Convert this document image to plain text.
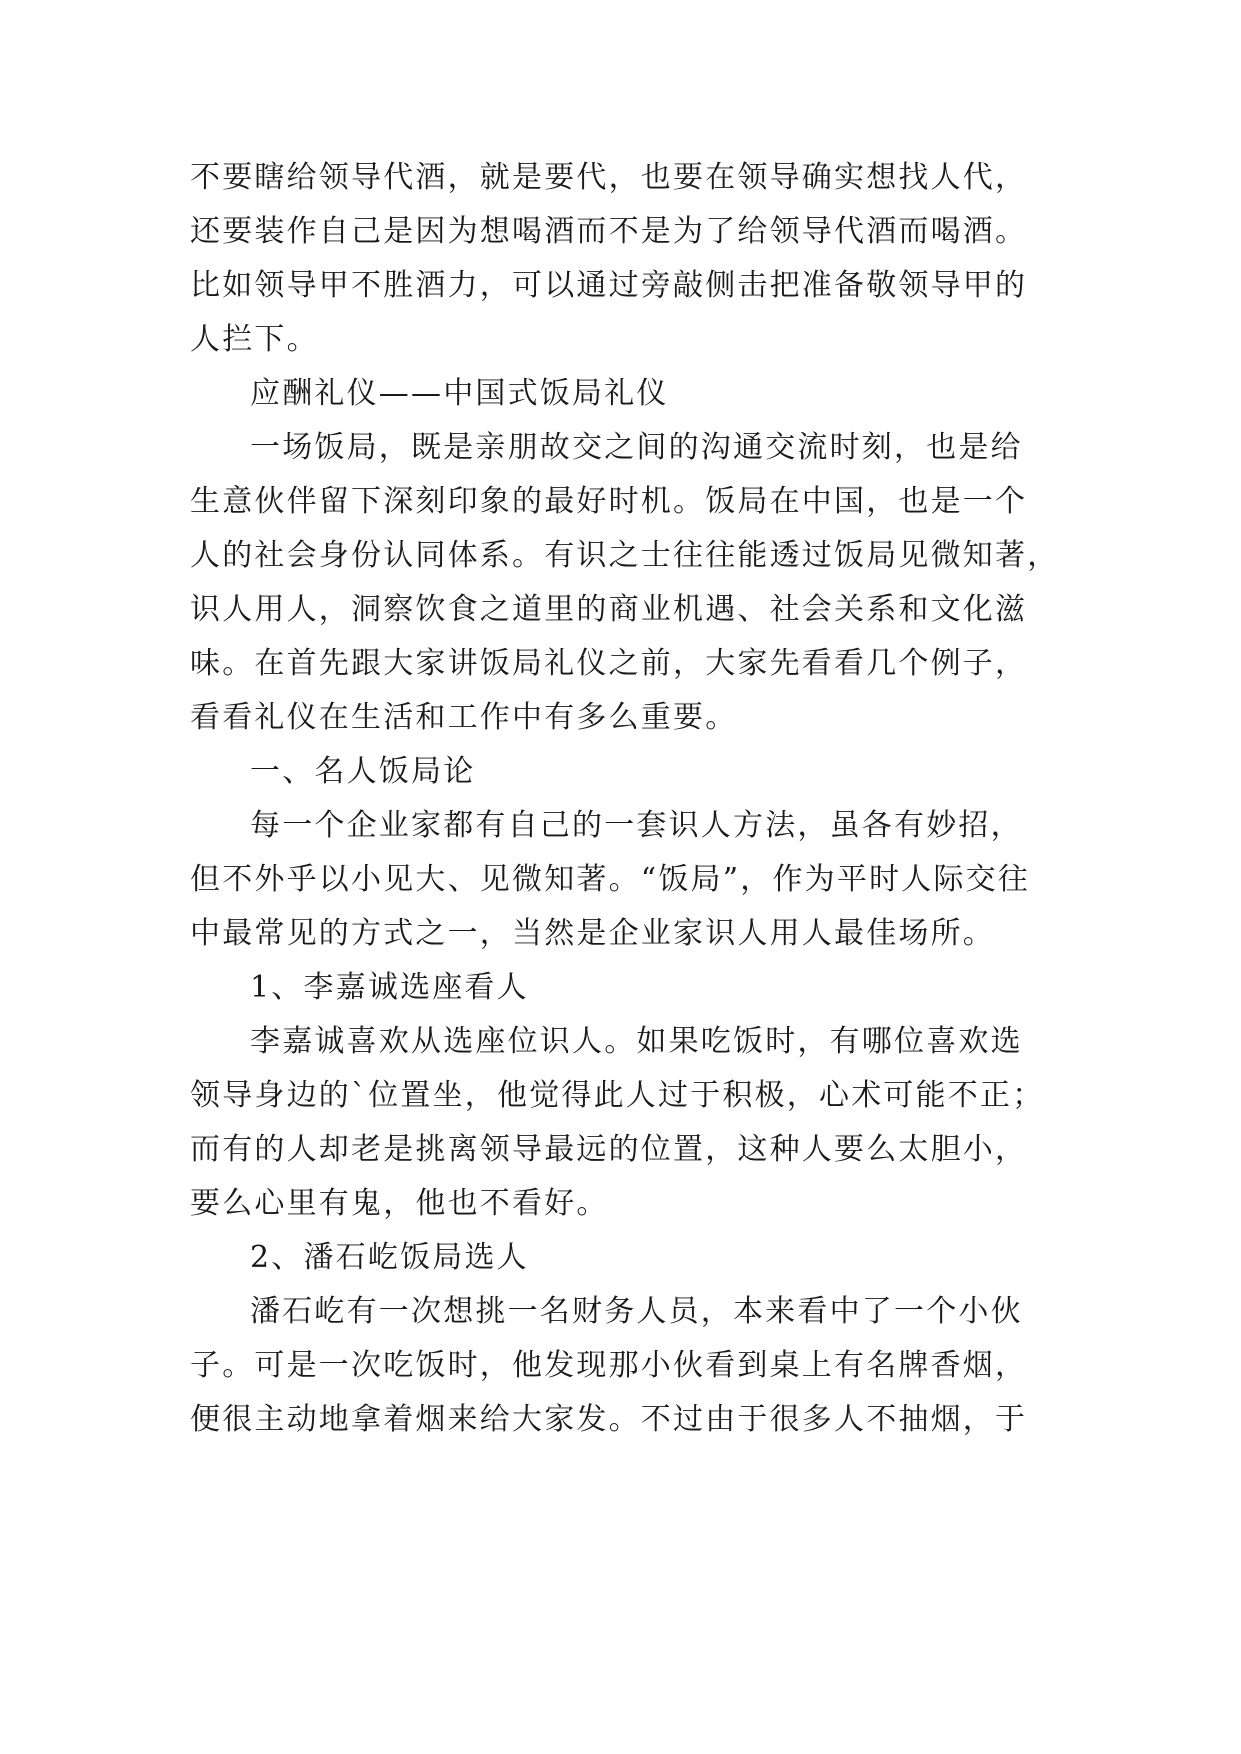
不要瞎给领导代酒，就是要代，也要在领导确实想找人代，
还要装作自己是因为想喝酒而不是为了给领导代酒而喝酒。
比如领导甲不胜酒力，可以通过旁敲侧击把准备敬领导甲的
人拦下。
应酬礼仪——中国式饭局礼仪
一场饭局，既是亲朋故交之间的沟通交流时刻，也是给
生意伙伴留下深刻印象的最好时机。饭局在中国，也是一个
人的社会身份认同体系。有识之士往往能透过饭局见微知著，
识人用人，洞察饮食之道里的商业机遇、社会关系和文化滋
味。在首先跟大家讲饭局礼仪之前，大家先看看几个例子，
看看礼仪在生活和工作中有多么重要。
一、名人饭局论
每一个企业家都有自己的一套识人方法，虽各有妙招，
但不外乎以小见大、见微知著。“饭局”，作为平时人际交往
中最常见的方式之一，当然是企业家识人用人最佳场所。
1、李嘉诚选座看人
李嘉诚喜欢从选座位识人。如果吃饭时，有哪位喜欢选
领导身边的`位置坐，他觉得此人过于积极，心术可能不正；
而有的人却老是挑离领导最远的位置，这种人要么太胆小，
要么心里有鬼，他也不看好。
2、潘石屹饭局选人
潘石屹有一次想挑一名财务人员，本来看中了一个小伙
子。可是一次吃饭时，他发现那小伙看到桌上有名牌香烟，
便很主动地拿着烟来给大家发。不过由于很多人不抽烟，于
